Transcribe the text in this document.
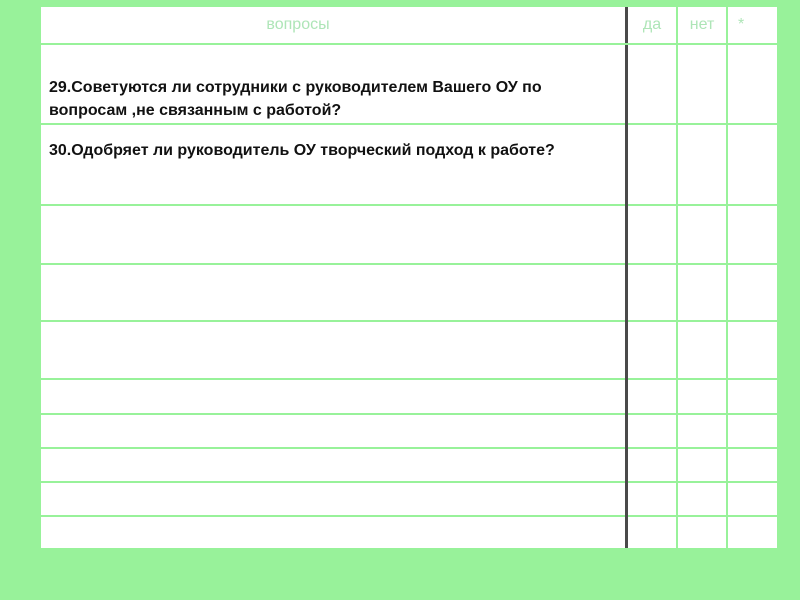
вопросы	да	нет	*
29.Советуются ли сотрудники с руководителем Вашего ОУ по вопросам ,не связанным с работой?
30.Одобряет ли руководитель ОУ творческий подход к работе?
